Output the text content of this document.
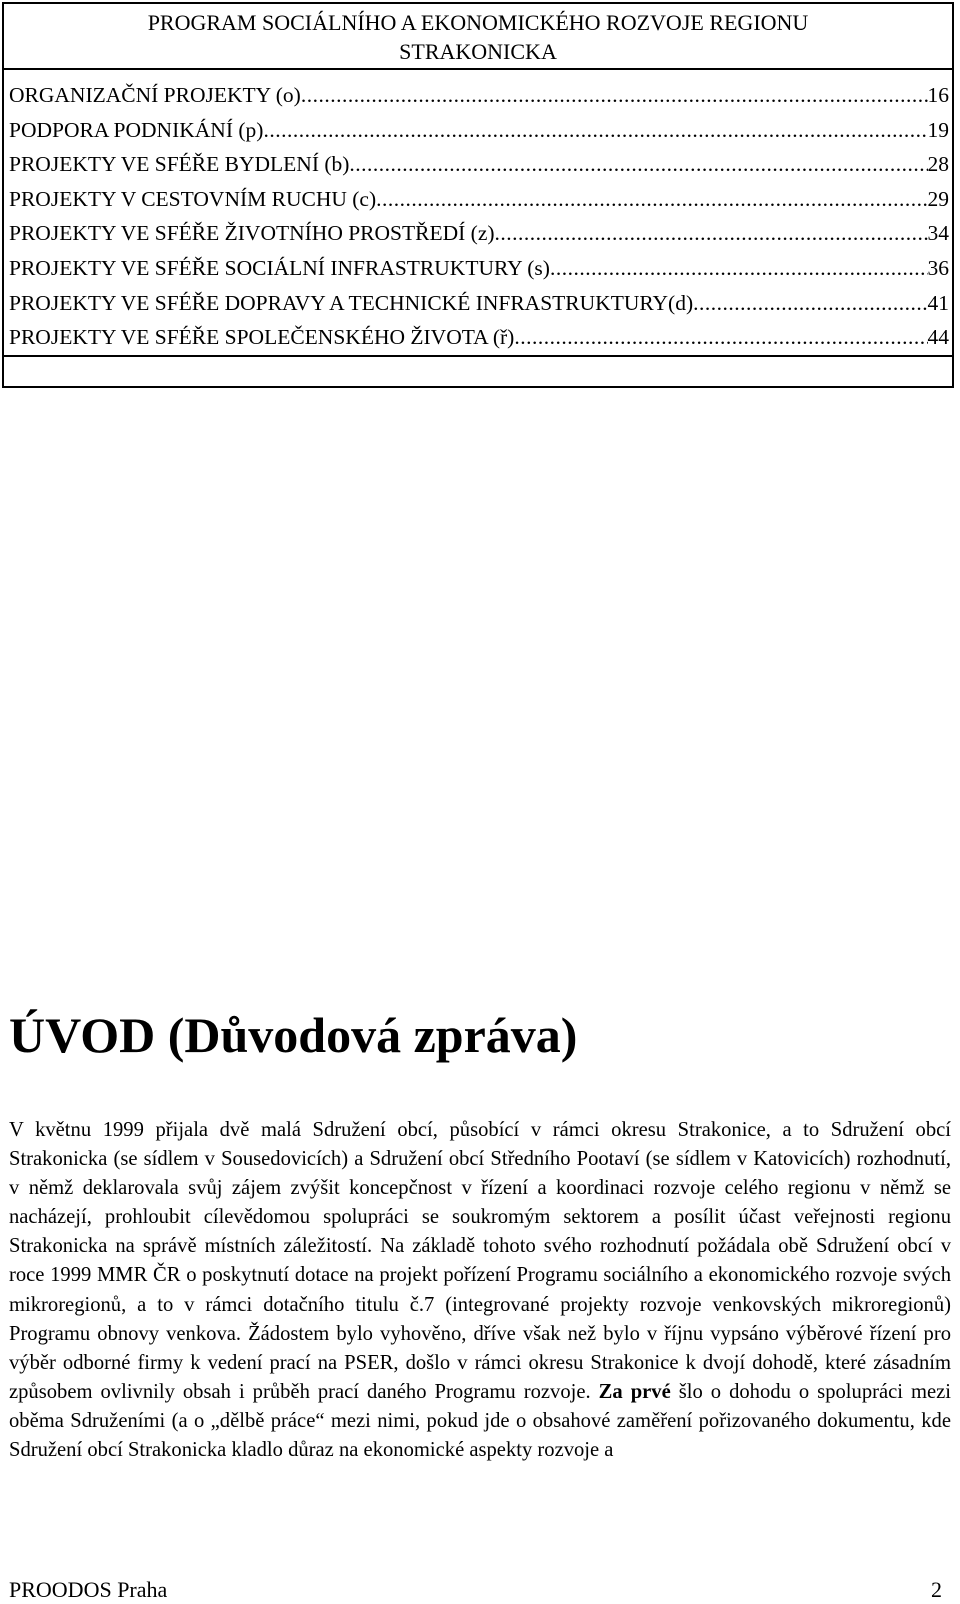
PROGRAM SOCIÁLNÍHO A EKONOMICKÉHO ROZVOJE REGIONU
STRAKONICKA
ORGANIZAČNÍ PROJEKTY (o) .....	16
PODPORA PODNIKÁNÍ (p) .....	19
PROJEKTY VE SFÉŘE BYDLENÍ (b) .....	28
PROJEKTY V CESTOVNÍM RUCHU (c) .....	29
PROJEKTY VE SFÉŘE ŽIVOTNÍHO PROSTŘEDÍ (z) .....	34
PROJEKTY VE SFÉŘE SOCIÁLNÍ INFRASTRUKTURY (s) .....	36
PROJEKTY VE SFÉŘE DOPRAVY A TECHNICKÉ INFRASTRUKTURY(d) .....	41
PROJEKTY VE SFÉŘE SPOLEČENSKÉHO ŽIVOTA (ř) .....	44
ÚVOD (Důvodová zpráva)

V květnu 1999 přijala dvě malá Sdružení obcí, působící v rámci okresu Strakonice, a to Sdružení obcí Strakonicka (se sídlem v Sousedovicích) a Sdružení obcí Středního Pootaví (se sídlem v Katovicích) rozhodnutí, v němž deklarovala svůj zájem zvýšit koncepčnost v řízení a koordinaci rozvoje celého regionu v němž se nacházejí, prohloubit cílevědomou spolupráci se soukromým sektorem a posílit účast veřejnosti regionu Strakonicka na správě místních záležitostí. Na základě tohoto svého rozhodnutí požádala obě Sdružení obcí v roce 1999 MMR ČR o poskytnutí dotace na projekt pořízení Programu sociálního a ekonomického rozvoje svých mikroregionů, a to v rámci dotačního titulu č.7 (integrované projekty rozvoje venkovských mikroregionů) Programu obnovy venkova. Žádostem bylo vyhověno, dříve však než bylo v říjnu vypsáno výběrové řízení pro výběr odborné firmy k vedení prací na PSER, došlo v rámci okresu Strakonice k dvojí dohodě, které zásadním způsobem ovlivnily obsah i průběh prací daného Programu rozvoje. Za prvé šlo o dohodu o spolupráci mezi oběma Sdruženími (a o „dělbě práce“ mezi nimi, pokud jde o obsahové zaměření pořizovaného dokumentu, kde Sdružení obcí Strakonicka kladlo důraz na ekonomické aspekty rozvoje a

PROODOS Praha	2
